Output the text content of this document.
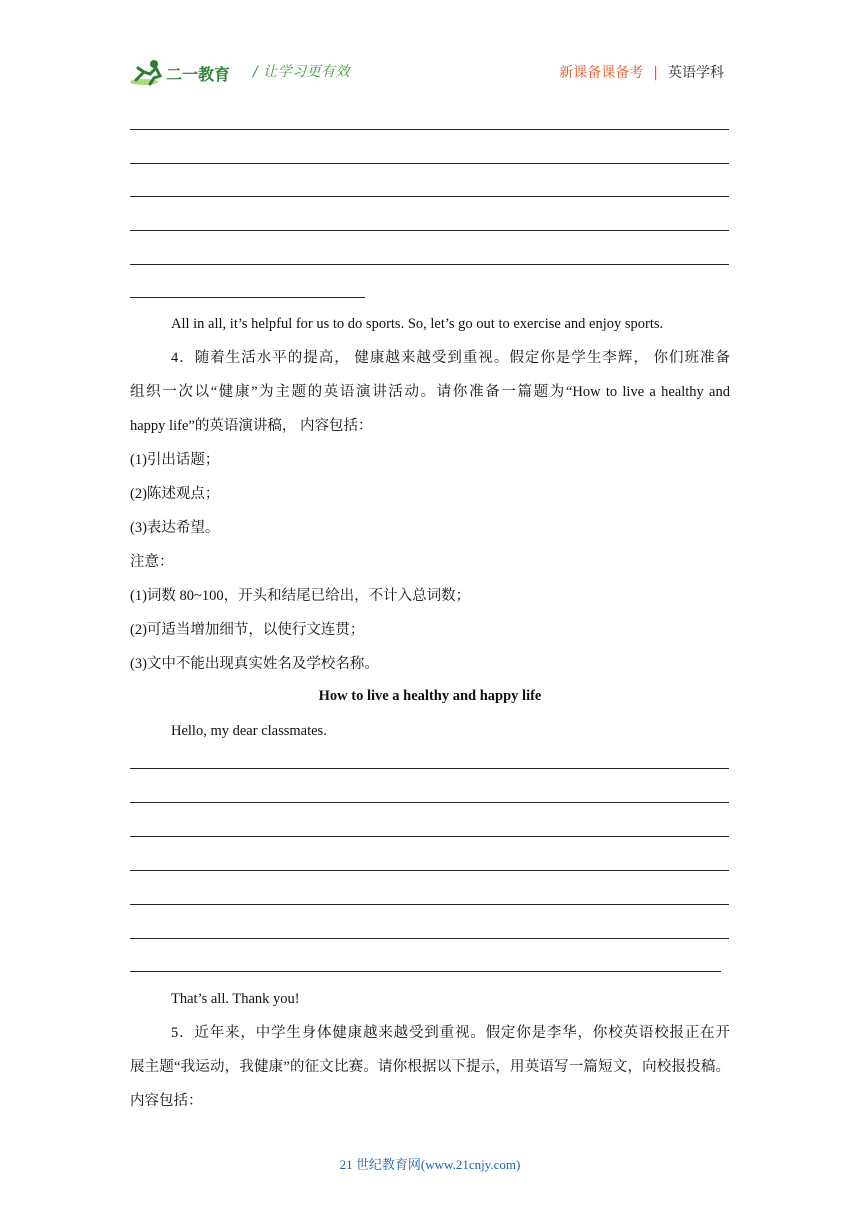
二一教育 / 让学习更有效	新课备课备考 | 英语学科
All in all, it’s helpful for us to do sports. So, let’s go out to exercise and enjoy sports.
4．随着生活水平的提高， 健康越来越受到重视。假定你是学生李辉， 你们班准备
组织一次以“健康”为主题的英语演讲活动。请你准备一篇题为“How to live a healthy and
happy life”的英语演讲稿， 内容包括：
(1)引出话题；
(2)陈述观点；
(3)表达希望。
注意：
(1)词数 80~100，开头和结尾已给出，不计入总词数；
(2)可适当增加细节，以使行文连贯；
(3)文中不能出现真实姓名及学校名称。
How to live a healthy and happy life
Hello, my dear classmates.
That’s all. Thank you!
5．近年来，中学生身体健康越来越受到重视。假定你是李华，你校英语校报正在开
展主题“我运动，我健康”的征文比赛。请你根据以下提示，用英语写一篇短文，向校报投稿。
内容包括：
21 世纪教育网(www.21cnjy.com)
